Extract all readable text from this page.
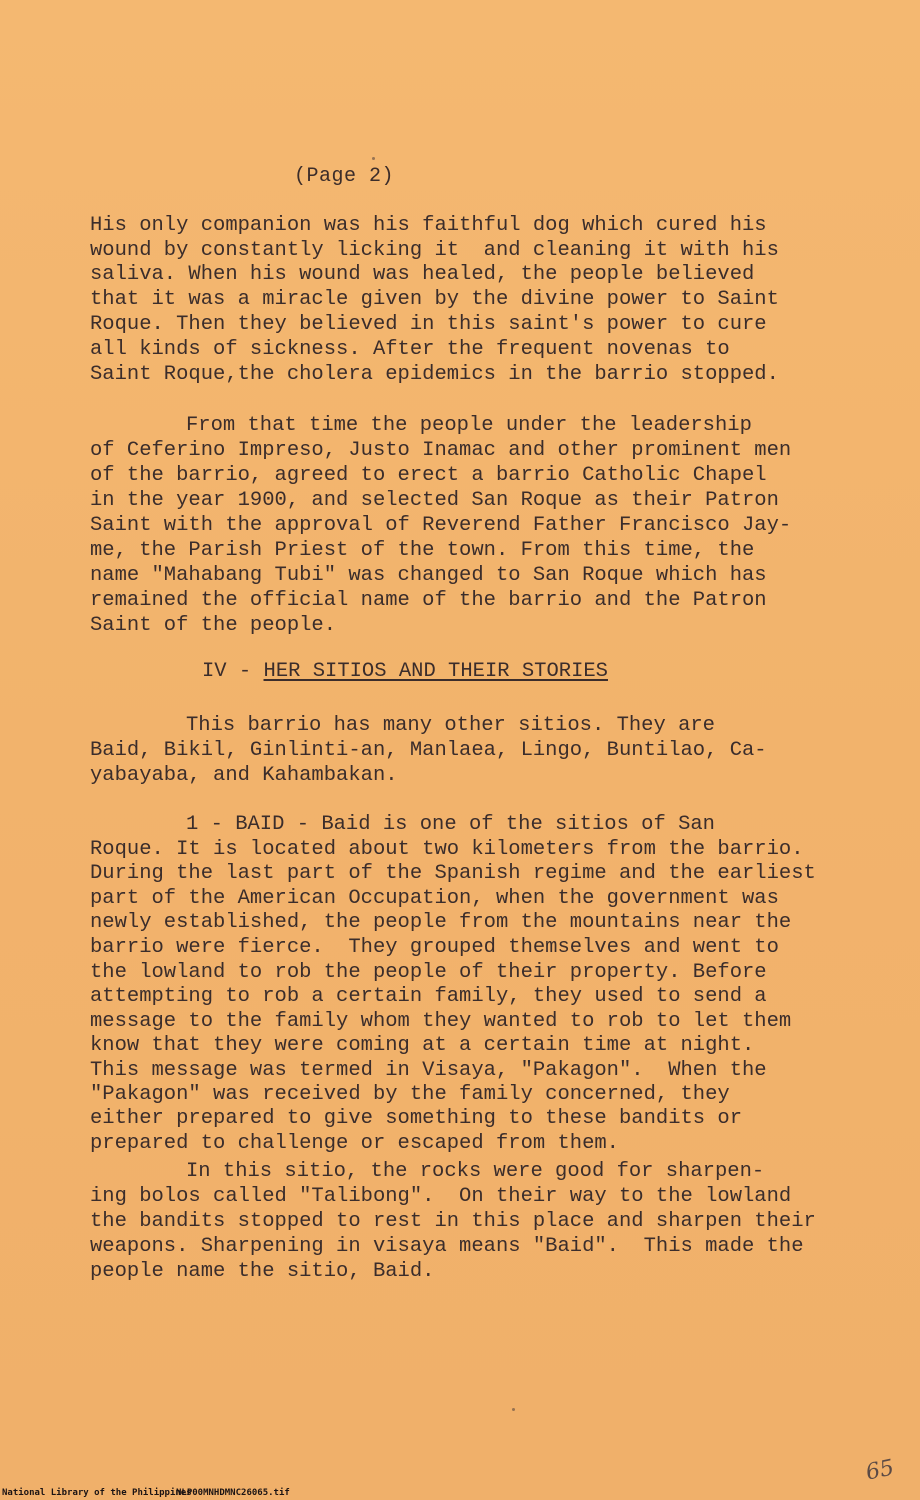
(Page 2)
His only companion was his faithful dog which cured his
wound by constantly licking it  and cleaning it with his
saliva. When his wound was healed, the people believed
that it was a miracle given by the divine power to Saint
Roque. Then they believed in this saint's power to cure
all kinds of sickness. After the frequent novenas to
Saint Roque,the cholera epidemics in the barrio stopped.
From that time the people under the leadership
of Ceferino Impreso, Justo Inamac and other prominent men
of the barrio, agreed to erect a barrio Catholic Chapel
in the year 1900, and selected San Roque as their Patron
Saint with the approval of Reverend Father Francisco Jay-
me, the Parish Priest of the town. From this time, the
name "Mahabang Tubi" was changed to San Roque which has
remained the official name of the barrio and the Patron
Saint of the people.
IV - HER SITIOS AND THEIR STORIES
This barrio has many other sitios. They are
Baid, Bikil, Ginlinti-an, Manlaea, Lingo, Buntilao, Ca-
yabayaba, and Kahambakan.
1 - BAID - Baid is one of the sitios of San
Roque. It is located about two kilometers from the barrio.
During the last part of the Spanish regime and the earliest
part of the American Occupation, when the government was
newly established, the people from the mountains near the
barrio were fierce.  They grouped themselves and went to
the lowland to rob the people of their property. Before
attempting to rob a certain family, they used to send a
message to the family whom they wanted to rob to let them
know that they were coming at a certain time at night.
This message was termed in Visaya, "Pakagon".  When the
"Pakagon" was received by the family concerned, they
either prepared to give something to these bandits or
prepared to challenge or escaped from them.
In this sitio, the rocks were good for sharpen-
ing bolos called "Talibong".  On their way to the lowland
the bandits stopped to rest in this place and sharpen their
weapons. Sharpening in visaya means "Baid".  This made the
people name the sitio, Baid.
65
National Library of the Philippines
NLP00MNHDMNC26065.tif
